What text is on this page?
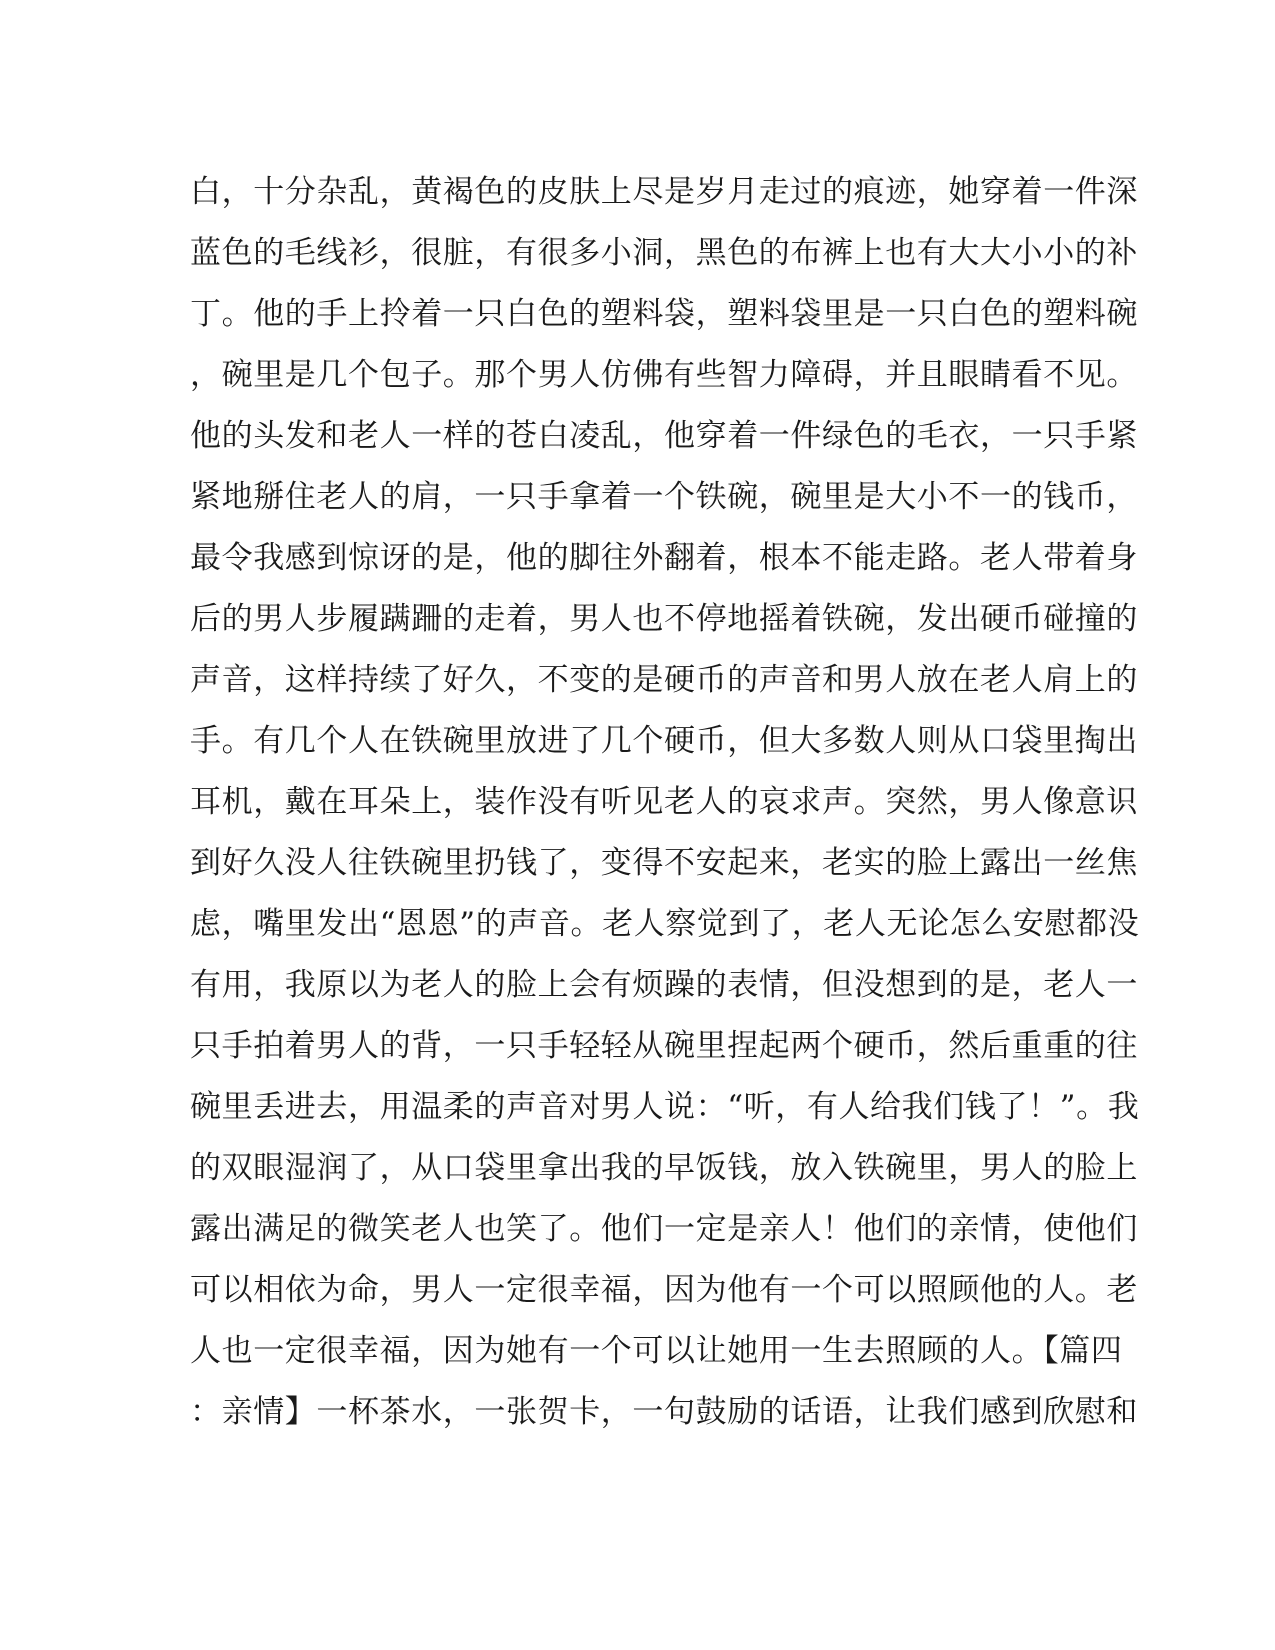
白，十分杂乱，黄褐色的皮肤上尽是岁月走过的痕迹，她穿着一件深
蓝色的毛线衫，很脏，有很多小洞，黑色的布裤上也有大大小小的补
丁。他的手上拎着一只白色的塑料袋，塑料袋里是一只白色的塑料碗
，碗里是几个包子。那个男人仿佛有些智力障碍，并且眼睛看不见。
他的头发和老人一样的苍白凌乱，他穿着一件绿色的毛衣，一只手紧
紧地掰住老人的肩，一只手拿着一个铁碗，碗里是大小不一的钱币，
最令我感到惊讶的是，他的脚往外翻着，根本不能走路。老人带着身
后的男人步履蹒跚的走着，男人也不停地摇着铁碗，发出硬币碰撞的
声音，这样持续了好久，不变的是硬币的声音和男人放在老人肩上的
手。有几个人在铁碗里放进了几个硬币，但大多数人则从口袋里掏出
耳机，戴在耳朵上，装作没有听见老人的哀求声。突然，男人像意识
到好久没人往铁碗里扔钱了，变得不安起来，老实的脸上露出一丝焦
虑，嘴里发出“恩恩”的声音。老人察觉到了，老人无论怎么安慰都没
有用，我原以为老人的脸上会有烦躁的表情，但没想到的是，老人一
只手拍着男人的背，一只手轻轻从碗里捏起两个硬币，然后重重的往
碗里丢进去，用温柔的声音对男人说：“听，有人给我们钱了！”。我
的双眼湿润了，从口袋里拿出我的早饭钱，放入铁碗里，男人的脸上
露出满足的微笑老人也笑了。他们一定是亲人！他们的亲情，使他们
可以相依为命，男人一定很幸福，因为他有一个可以照顾他的人。老
人也一定很幸福，因为她有一个可以让她用一生去照顾的人。【篇四
：亲情】一杯茶水，一张贺卡，一句鼓励的话语，让我们感到欣慰和
